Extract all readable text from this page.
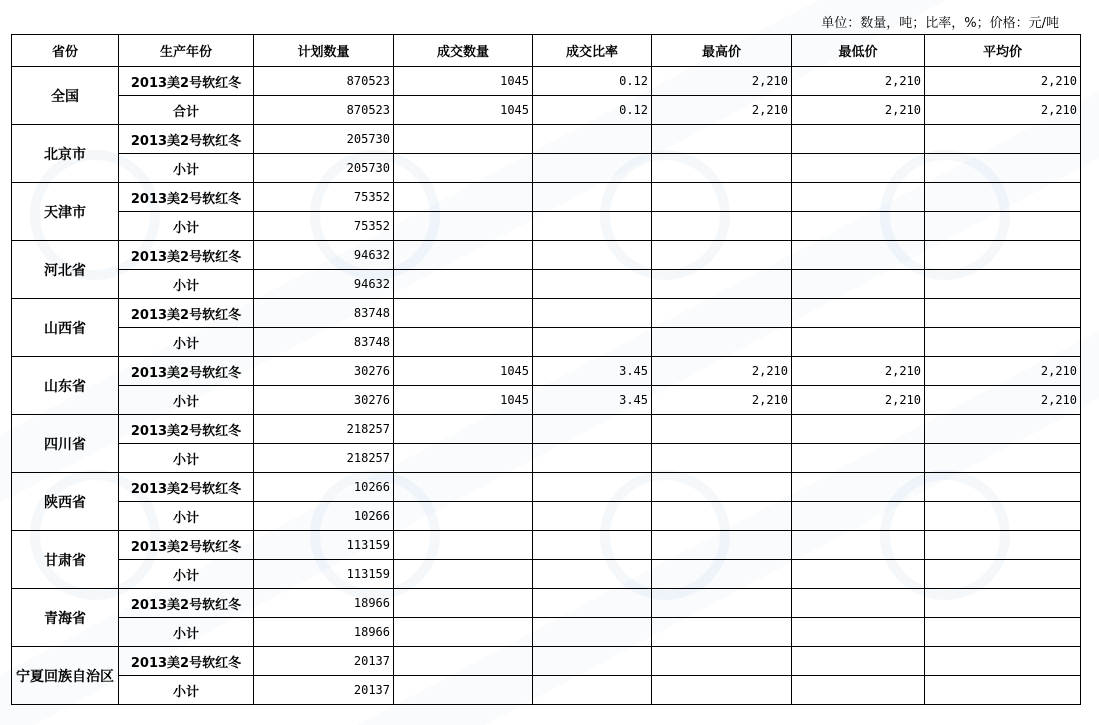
单位：数量，吨；比率，%；价格：元/吨
省份	生产年份	计划数量	成交数量	成交比率	最高价	最低价	平均价
全国	2013美2号软红冬	870523	1045	0.12	2,210	2,210	2,210
	合计	870523	1045	0.12	2,210	2,210	2,210
北京市	2013美2号软红冬	205730					
	小计	205730					
天津市	2013美2号软红冬	75352					
	小计	75352					
河北省	2013美2号软红冬	94632					
	小计	94632					
山西省	2013美2号软红冬	83748					
	小计	83748					
山东省	2013美2号软红冬	30276	1045	3.45	2,210	2,210	2,210
	小计	30276	1045	3.45	2,210	2,210	2,210
四川省	2013美2号软红冬	218257					
	小计	218257					
陕西省	2013美2号软红冬	10266					
	小计	10266					
甘肃省	2013美2号软红冬	113159					
	小计	113159					
青海省	2013美2号软红冬	18966					
	小计	18966					
宁夏回族自治区	2013美2号软红冬	20137					
	小计	20137					
